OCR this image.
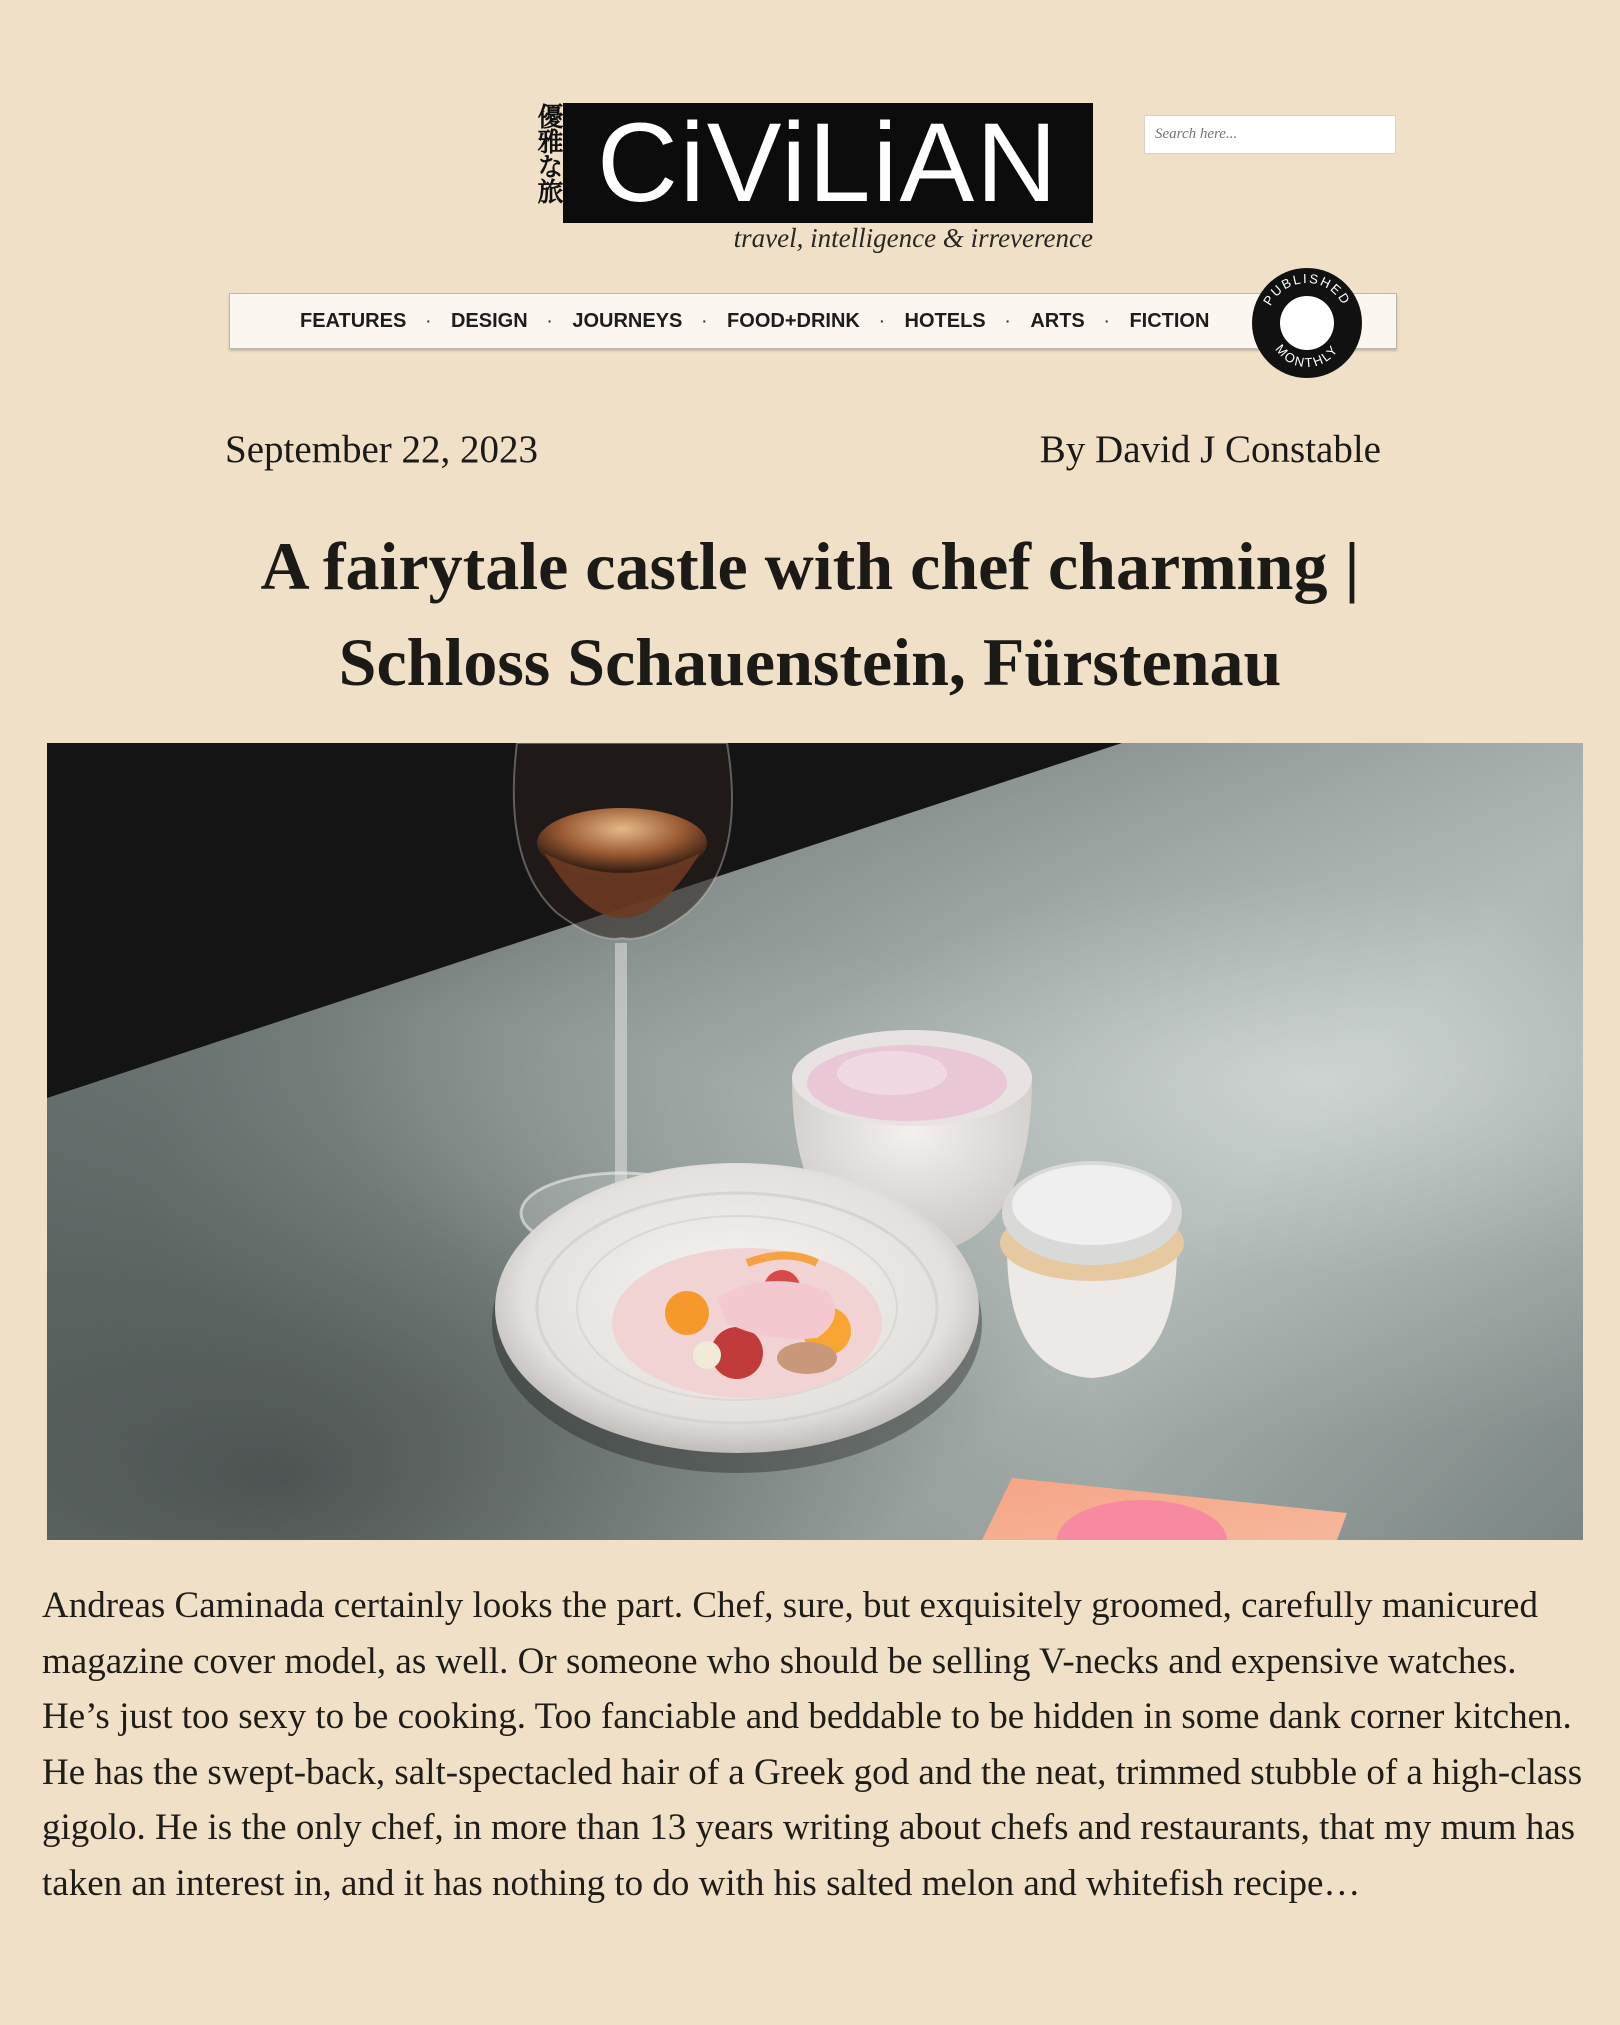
優雅な旅 CiViLiAN
travel, intelligence & irreverence
Search here...
FEATURES · DESIGN · JOURNEYS · FOOD+DRINK · HOTELS · ARTS · FICTION
PUBLISHED
MONTHLY
September 22, 2023	By David J Constable
A fairytale castle with chef charming |
Schloss Schauenstein, Fürstenau

Andreas Caminada certainly looks the part. Chef, sure, but exquisitely groomed, carefully manicured magazine cover model, as well. Or someone who should be selling V-necks and expensive watches. He’s just too sexy to be cooking. Too fanciable and beddable to be hidden in some dank corner kitchen. He has the swept-back, salt-spectacled hair of a Greek god and the neat, trimmed stubble of a high-class gigolo. He is the only chef, in more than 13 years writing about chefs and restaurants, that my mum has taken an interest in, and it has nothing to do with his salted melon and whitefish recipe…
